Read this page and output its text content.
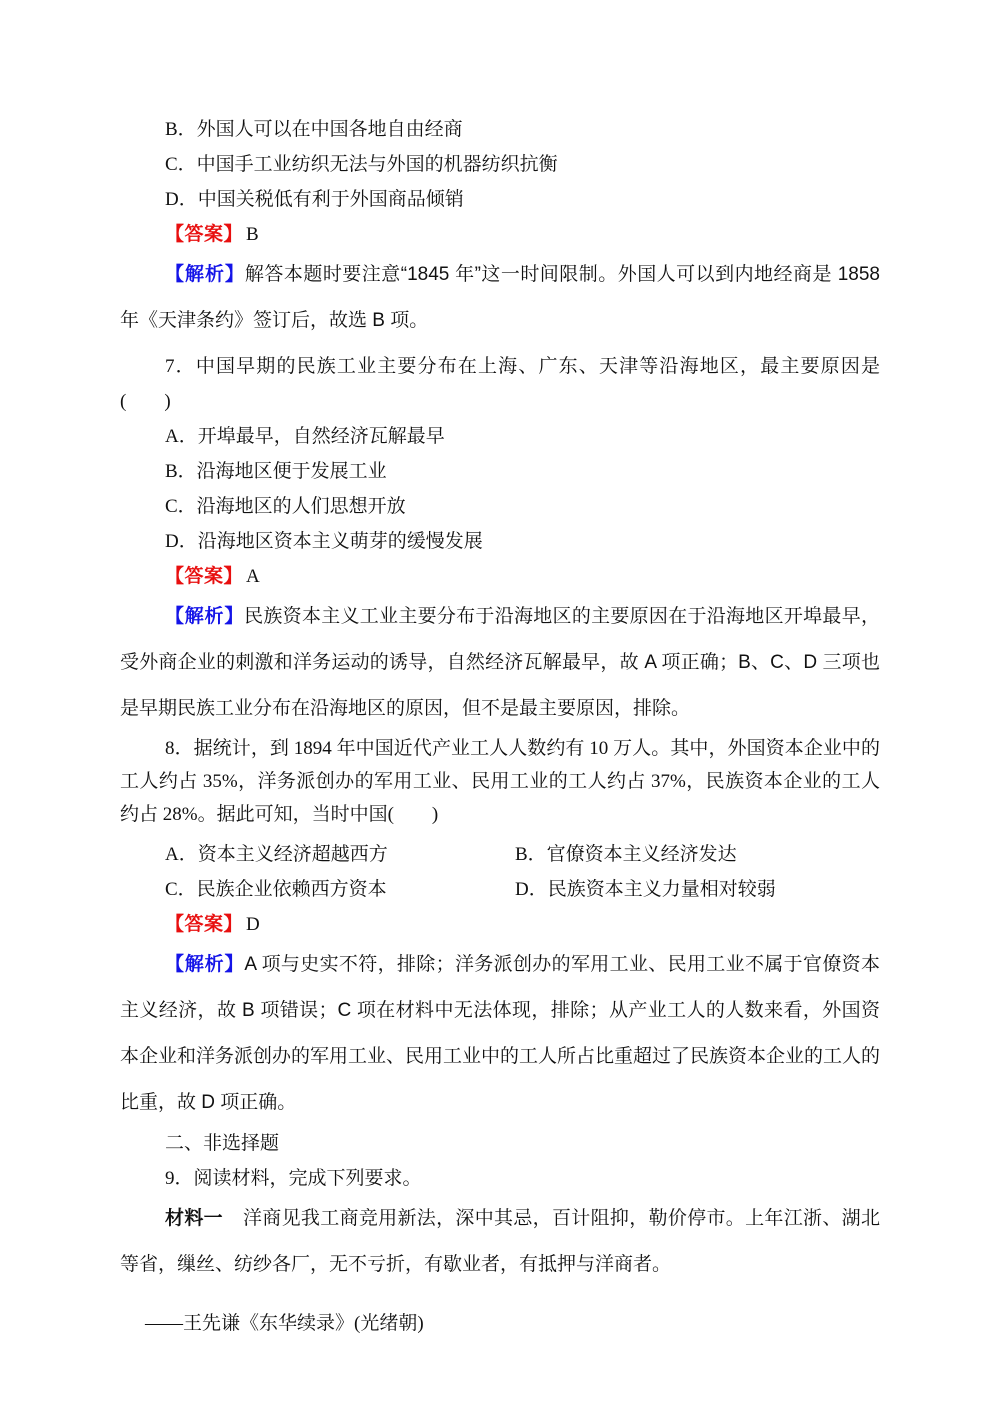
B．外国人可以在中国各地自由经商

C．中国手工业纺织无法与外国的机器纺织抗衡

D．中国关税低有利于外国商品倾销

【答案】 B

【解析】解答本题时要注意“1845 年”这一时间限制。外国人可以到内地经商是 1858 年《天津条约》签订后，故选 B 项。

7．中国早期的民族工业主要分布在上海、广东、天津等沿海地区，最主要原因是(　　)

A．开埠最早，自然经济瓦解最早

B．沿海地区便于发展工业

C．沿海地区的人们思想开放

D．沿海地区资本主义萌芽的缓慢发展

【答案】 A

【解析】民族资本主义工业主要分布于沿海地区的主要原因在于沿海地区开埠最早，受外商企业的刺激和洋务运动的诱导，自然经济瓦解最早，故 A 项正确；B、C、D 三项也是早期民族工业分布在沿海地区的原因，但不是最主要原因，排除。

8．据统计，到 1894 年中国近代产业工人人数约有 10 万人。其中，外国资本企业中的工人约占 35%，洋务派创办的军用工业、民用工业的工人约占 37%，民族资本企业的工人约占 28%。据此可知，当时中国(　　)

A．资本主义经济超越西方	B．官僚资本主义经济发达
C．民族企业依赖西方资本	D．民族资本主义力量相对较弱

【答案】 D

【解析】A 项与史实不符，排除；洋务派创办的军用工业、民用工业不属于官僚资本主义经济，故 B 项错误；C 项在材料中无法体现，排除；从产业工人的人数来看，外国资本企业和洋务派创办的军用工业、民用工业中的工人所占比重超过了民族资本企业的工人的比重，故 D 项正确。

二、非选择题

9．阅读材料，完成下列要求。

材料一 洋商见我工商竞用新法，深中其忌，百计阻抑，勒价停市。上年江浙、湖北等省，缫丝、纺纱各厂，无不亏折，有歇业者，有抵押与洋商者。

——王先谦《东华续录》(光绪朝)
